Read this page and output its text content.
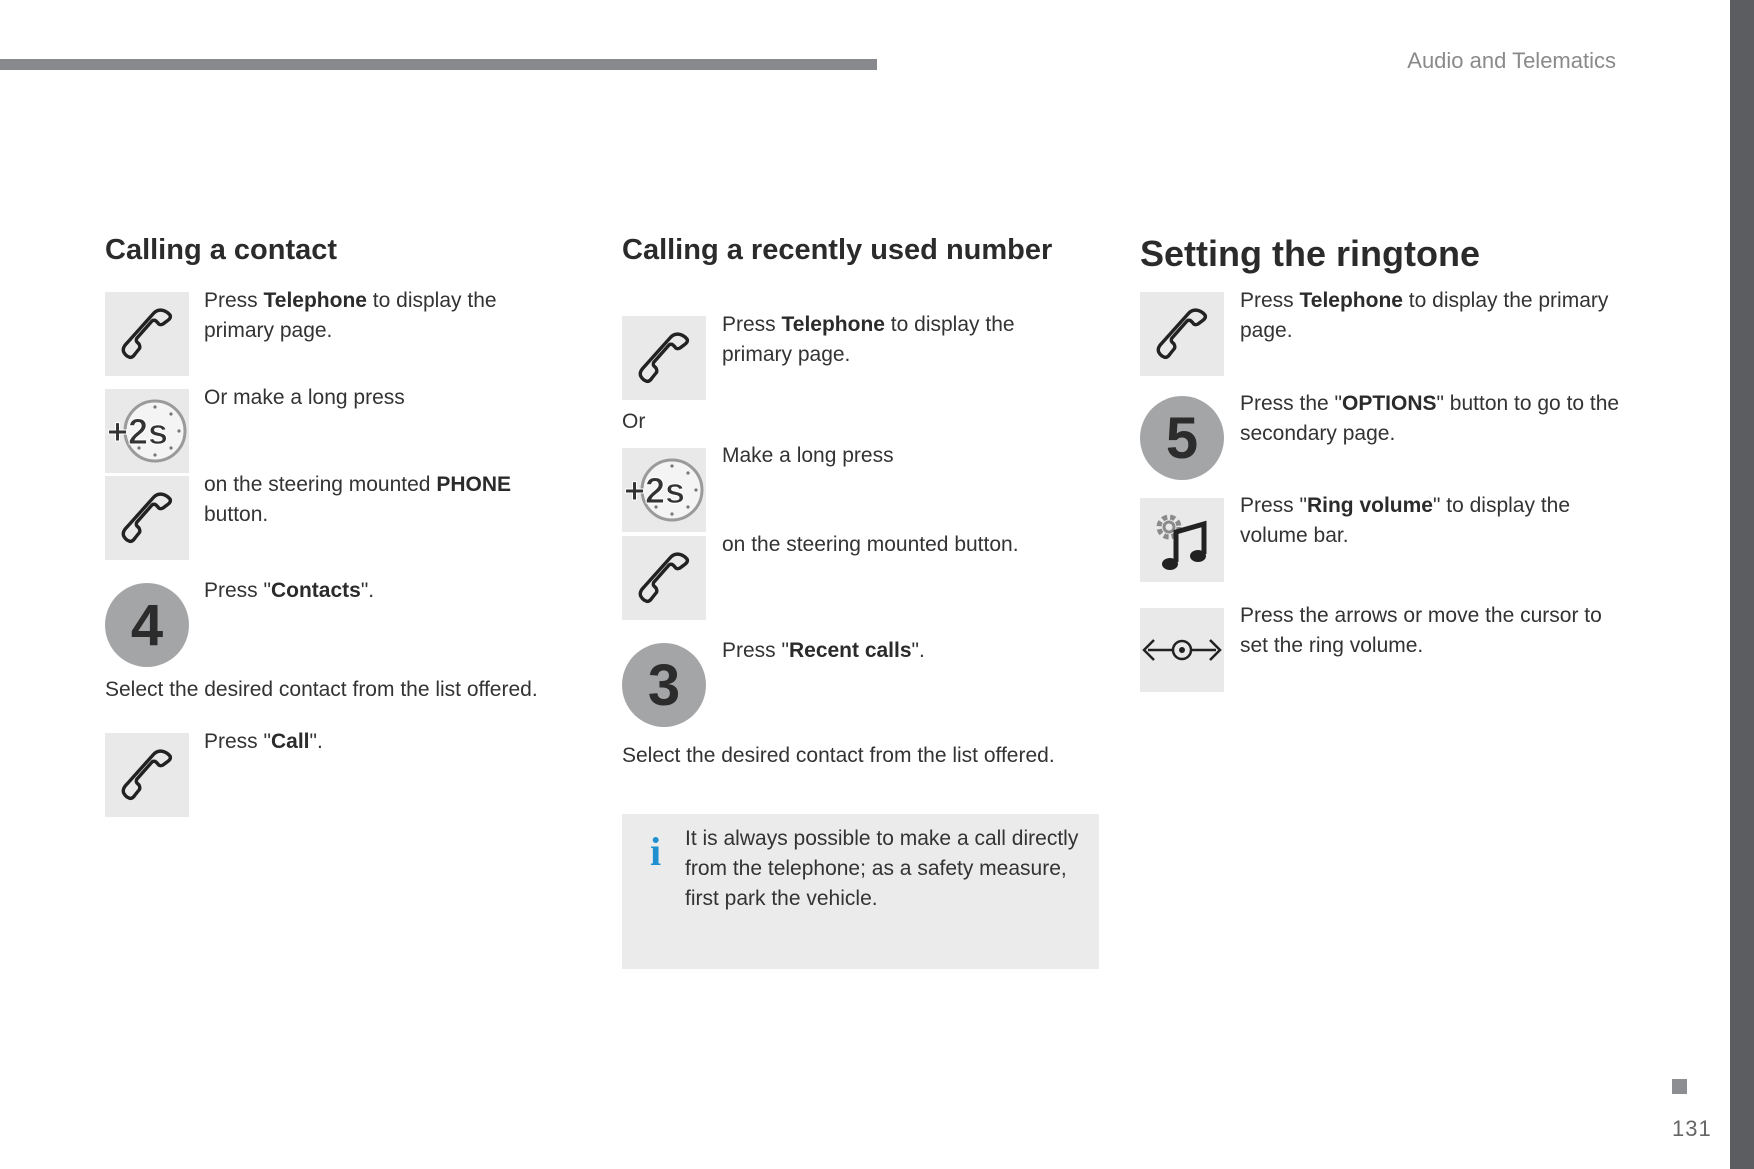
Audio and Telematics
Calling a contact
Press Telephone to display the primary page.
+2s
Or make a long press
on the steering mounted PHONE button.
4
Press "Contacts".
Select the desired contact from the list offered.
Press "Call".
Calling a recently used number
Press Telephone to display the primary page.
Or
+2s
Make a long press
on the steering mounted button.
3
Press "Recent calls".
Select the desired contact from the list offered.
i It is always possible to make a call directly from the telephone; as a safety measure, first park the vehicle.
Setting the ringtone
Press Telephone to display the primary page.
5
Press the "OPTIONS" button to go to the secondary page.
Press "Ring volume" to display the volume bar.
Press the arrows or move the cursor to set the ring volume.
131
